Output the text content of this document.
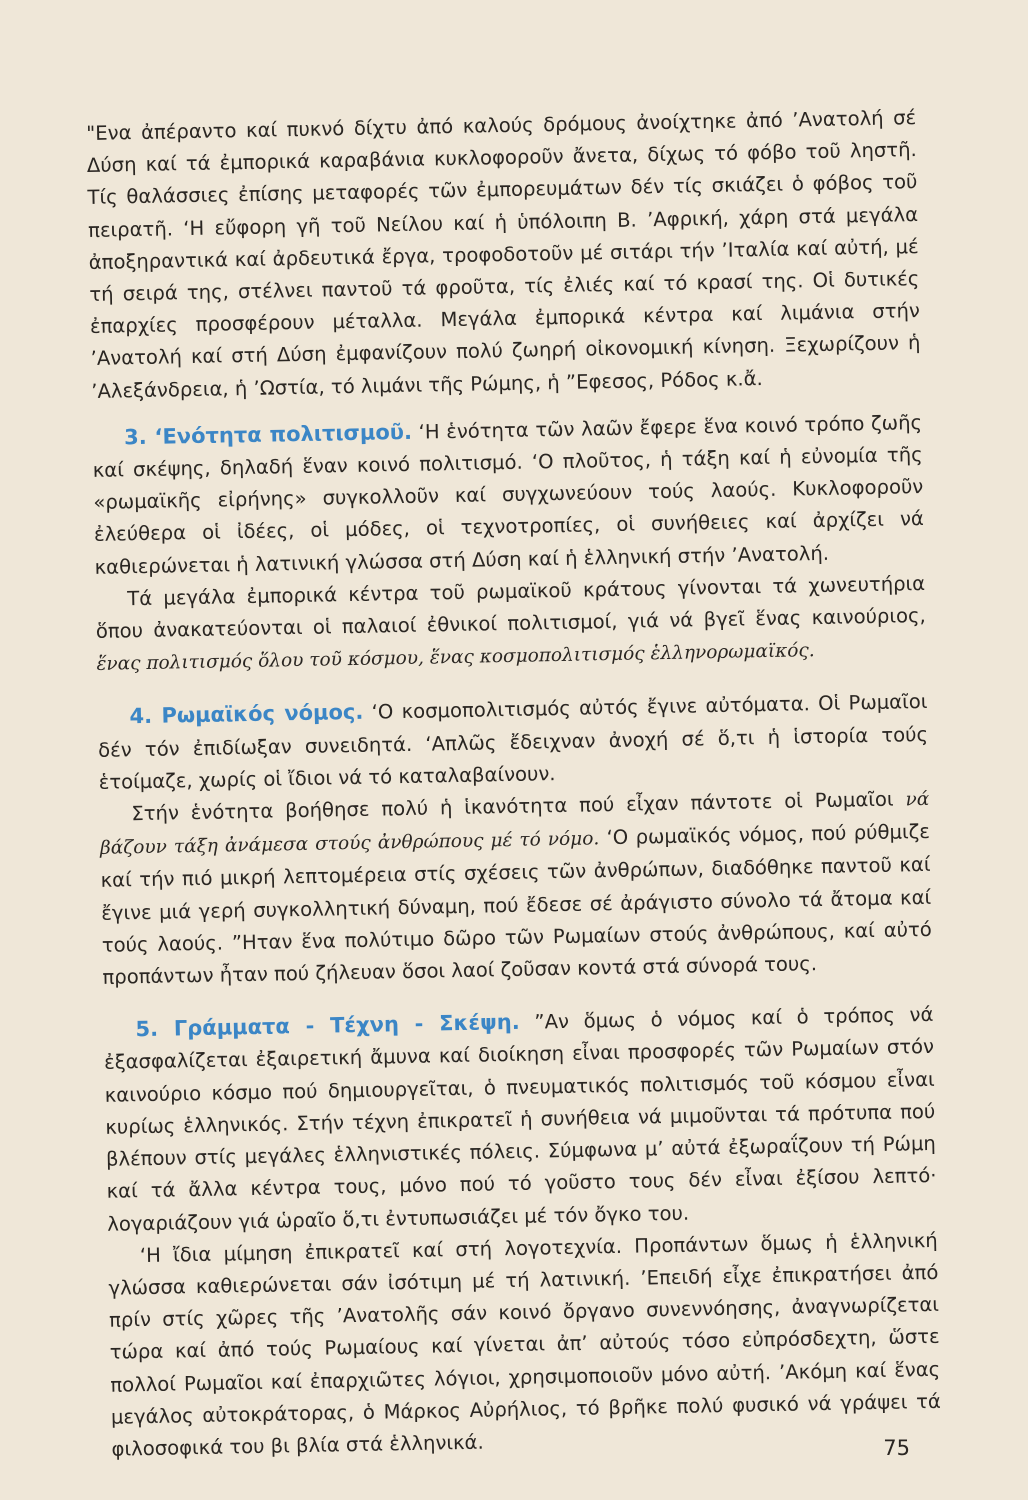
"Ενα ἀπέραντο καί πυκνό δίχτυ ἀπό καλούς δρόμους ἀνοίχτηκε ἀπό ’Ανατολή σέ Δύση καί τά ἐμπορικά καραβάνια κυκλοφοροῦν ἄνετα, δίχως τό φόβο τοῦ ληστῆ. Τίς θαλάσσιες ἐπίσης μεταφορές τῶν ἐμπορευμάτων δέν τίς σκιάζει ὁ φόβος τοῦ πειρατῆ. ‘Η εὔφορη γῆ τοῦ Νείλου καί ἡ ὑπόλοιπη Β. ’Αφρική, χάρη στά μεγάλα ἀποξηραντικά καί ἀρδευτικά ἔργα, τροφοδοτοῦν μέ σιτάρι τήν ’Ιταλία καί αὐτή, μέ τή σειρά της, στέλνει παντοῦ τά φροῦτα, τίς ἐλιές καί τό κρασί της. Οἱ δυτικές ἐπαρχίες προσφέρουν μέταλλα. Μεγάλα ἐμπορικά κέντρα καί λιμάνια στήν ’Ανατολή καί στή Δύση ἐμφανίζουν πολύ ζωηρή οἰκονομική κίνηση. Ξεχωρίζουν ἡ ’Αλεξάνδρεια, ἡ ’Ωστία, τό λιμάνι τῆς Ρώμης, ἡ ”Εφεσος, Ρόδος κ.ἄ.

3. ‘Ενότητα πολιτισμοῦ. ‘Η ἑνότητα τῶν λαῶν ἔφερε ἕνα κοινό τρόπο ζωῆς καί σκέψης, δηλαδή ἕναν κοινό πολιτισμό. ‘Ο πλοῦτος, ἡ τάξη καί ἡ εὐνομία τῆς «ρωμαϊκῆς εἰρήνης» συγκολλοῦν καί συγχωνεύουν τούς λαούς. Κυκλοφοροῦν ἐλεύθερα οἱ ἰδέες, οἱ μόδες, οἱ τεχνοτροπίες, οἱ συνήθειες καί ἀρχίζει νά καθιερώνεται ἡ λατινική γλώσσα στή Δύση καί ἡ ἑλληνική στήν ’Ανατολή.

Τά μεγάλα ἐμπορικά κέντρα τοῦ ρωμαϊκοῦ κράτους γίνονται τά χωνευτήρια ὅπου ἀνακατεύονται οἱ παλαιοί ἐθνικοί πολιτισμοί, γιά νά βγεῖ ἕνας καινούριος, ἕνας πολιτισμός ὅλου τοῦ κόσμου, ἕνας κοσμοπολιτισμός ἑλληνορωμαϊκός.

4. Ρωμαϊκός νόμος. ‘Ο κοσμοπολιτισμός αὐτός ἔγινε αὐτόματα. Οἱ Ρωμαῖοι δέν τόν ἐπιδίωξαν συνειδητά. ‘Απλῶς ἔδειχναν ἀνοχή σέ ὅ,τι ἡ ἱστορία τούς ἑτοίμαζε, χωρίς οἱ ἴδιοι νά τό καταλαβαίνουν.

Στήν ἑνότητα βοήθησε πολύ ἡ ἱκανότητα πού εἶχαν πάντοτε οἱ Ρωμαῖοι νά βάζουν τάξη ἀνάμεσα στούς ἀνθρώπους μέ τό νόμο. ‘Ο ρωμαϊκός νόμος, πού ρύθμιζε καί τήν πιό μικρή λεπτομέρεια στίς σχέσεις τῶν ἀνθρώπων, διαδόθηκε παντοῦ καί ἔγινε μιά γερή συγκολλητική δύναμη, πού ἔδεσε σέ ἀράγιστο σύνολο τά ἄτομα καί τούς λαούς. ”Ηταν ἕνα πολύτιμο δῶρο τῶν Ρωμαίων στούς ἀνθρώπους, καί αὐτό προπάντων ἦταν πού ζήλευαν ὅσοι λαοί ζοῦσαν κοντά στά σύνορά τους.

5. Γράμματα - Τέχνη - Σκέψη. ”Αν ὅμως ὁ νόμος καί ὁ τρόπος νά ἐξασφαλίζεται ἐξαιρετική ἄμυνα καί διοίκηση εἶναι προσφορές τῶν Ρωμαίων στόν καινούριο κόσμο πού δημιουργεῖται, ὁ πνευματικός πολιτισμός τοῦ κόσμου εἶναι κυρίως ἑλληνικός. Στήν τέχνη ἐπικρατεῖ ἡ συνήθεια νά μιμοῦνται τά πρότυπα πού βλέπουν στίς μεγάλες ἑλληνιστικές πόλεις. Σύμφωνα μ’ αὐτά ἐξωραΐζουν τή Ρώμη καί τά ἄλλα κέντρα τους, μόνο πού τό γοῦστο τους δέν εἶναι ἐξίσου λεπτό· λογαριάζουν γιά ὡραῖο ὅ,τι ἐντυπωσιάζει μέ τόν ὄγκο του.

‘Η ἴδια μίμηση ἐπικρατεῖ καί στή λογοτεχνία. Προπάντων ὅμως ἡ ἑλληνική γλώσσα καθιερώνεται σάν ἰσότιμη μέ τή λατινική. ’Επειδή εἶχε ἐπικρατήσει ἀπό πρίν στίς χῶρες τῆς ’Ανατολῆς σάν κοινό ὄργανο συνεννόησης, ἀναγνωρίζεται τώρα καί ἀπό τούς Ρωμαίους καί γίνεται ἀπ’ αὐτούς τόσο εὐπρόσδεχτη, ὥστε πολλοί Ρωμαῖοι καί ἐπαρχιῶτες λόγιοι, χρησιμοποιοῦν μόνο αὐτή. ’Ακόμη καί ἕνας μεγάλος αὐτοκράτορας, ὁ Μάρκος Αὐρήλιος, τό βρῆκε πολύ φυσικό νά γράψει τά φιλοσοφικά του βι βλία στά ἑλληνικά.	75
